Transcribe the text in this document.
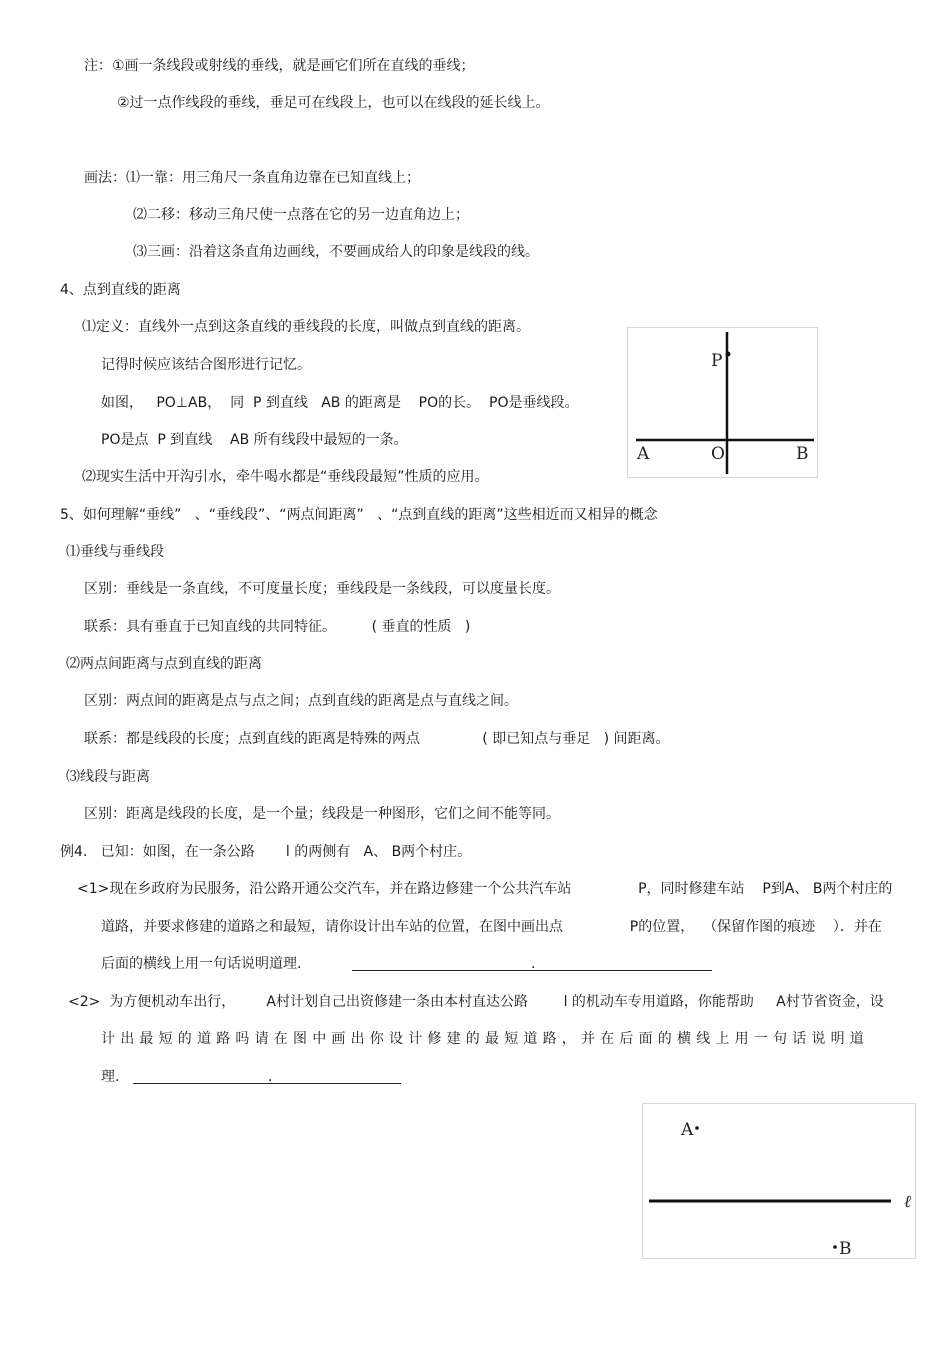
注：①画一条线段或射线的垂线，就是画它们所在直线的垂线；
②过一点作线段的垂线，垂足可在线段上，也可以在线段的延长线上。
画法：⑴一靠：用三角尺一条直角边靠在已知直线上；
⑵二移：移动三角尺使一点落在它的另一边直角边上；
⑶三画：沿着这条直角边画线，不要画成给人的印象是线段的线。
4、点到直线的距离
⑴定义：直线外一点到这条直线的垂线段的长度，叫做点到直线的距离。
记得时候应该结合图形进行记忆。
如图，   PO⊥AB，  同  P 到直线   AB 的距离是    PO的长。  PO是垂线段。
PO是点  P 到直线    AB 所有线段中最短的一条。
⑵现实生活中开沟引水，牵牛喝水都是“垂线段最短”性质的应用。
P
A	O	B
5、如何理解“垂线”   、“垂线段”、“两点间距离”   、“点到直线的距离”这些相近而又相异的概念
⑴垂线与垂线段
区别：垂线是一条直线，不可度量长度；垂线段是一条线段，可以度量长度。
联系：具有垂直于已知直线的共同特征。        ( 垂直的性质   )
⑵两点间距离与点到直线的距离
区别：两点间的距离是点与点之间；点到直线的距离是点与直线之间。
联系：都是线段的长度；点到直线的距离是特殊的两点              ( 即已知点与垂足   ) 间距离。
⑶线段与距离
区别：距离是线段的长度，是一个量；线段是一种图形，它们之间不能等同。
例4.   已知：如图，在一条公路       l 的两侧有   A、 B两个村庄。
<1>现在乡政府为民服务，沿公路开通公交汽车，并在路边修建一个公共汽车站               P，同时修建车站    P到A、 B两个村庄的
道路，并要求修建的道路之和最短，请你设计出车站的位置，在图中画出点               P的位置，  （保留作图的痕迹    ）．并在
后面的横线上用一句话说明道理.	.
<2>  为方便机动车出行，       A村计划自己出资修建一条由本村直达公路        l 的机动车专用道路，你能帮助     A村节省资金，设
计出最短的道路吗请在图中画出你设计修建的最短道路，并在后面的横线上用一句话说明道
理.	.
A
B
ℓ
